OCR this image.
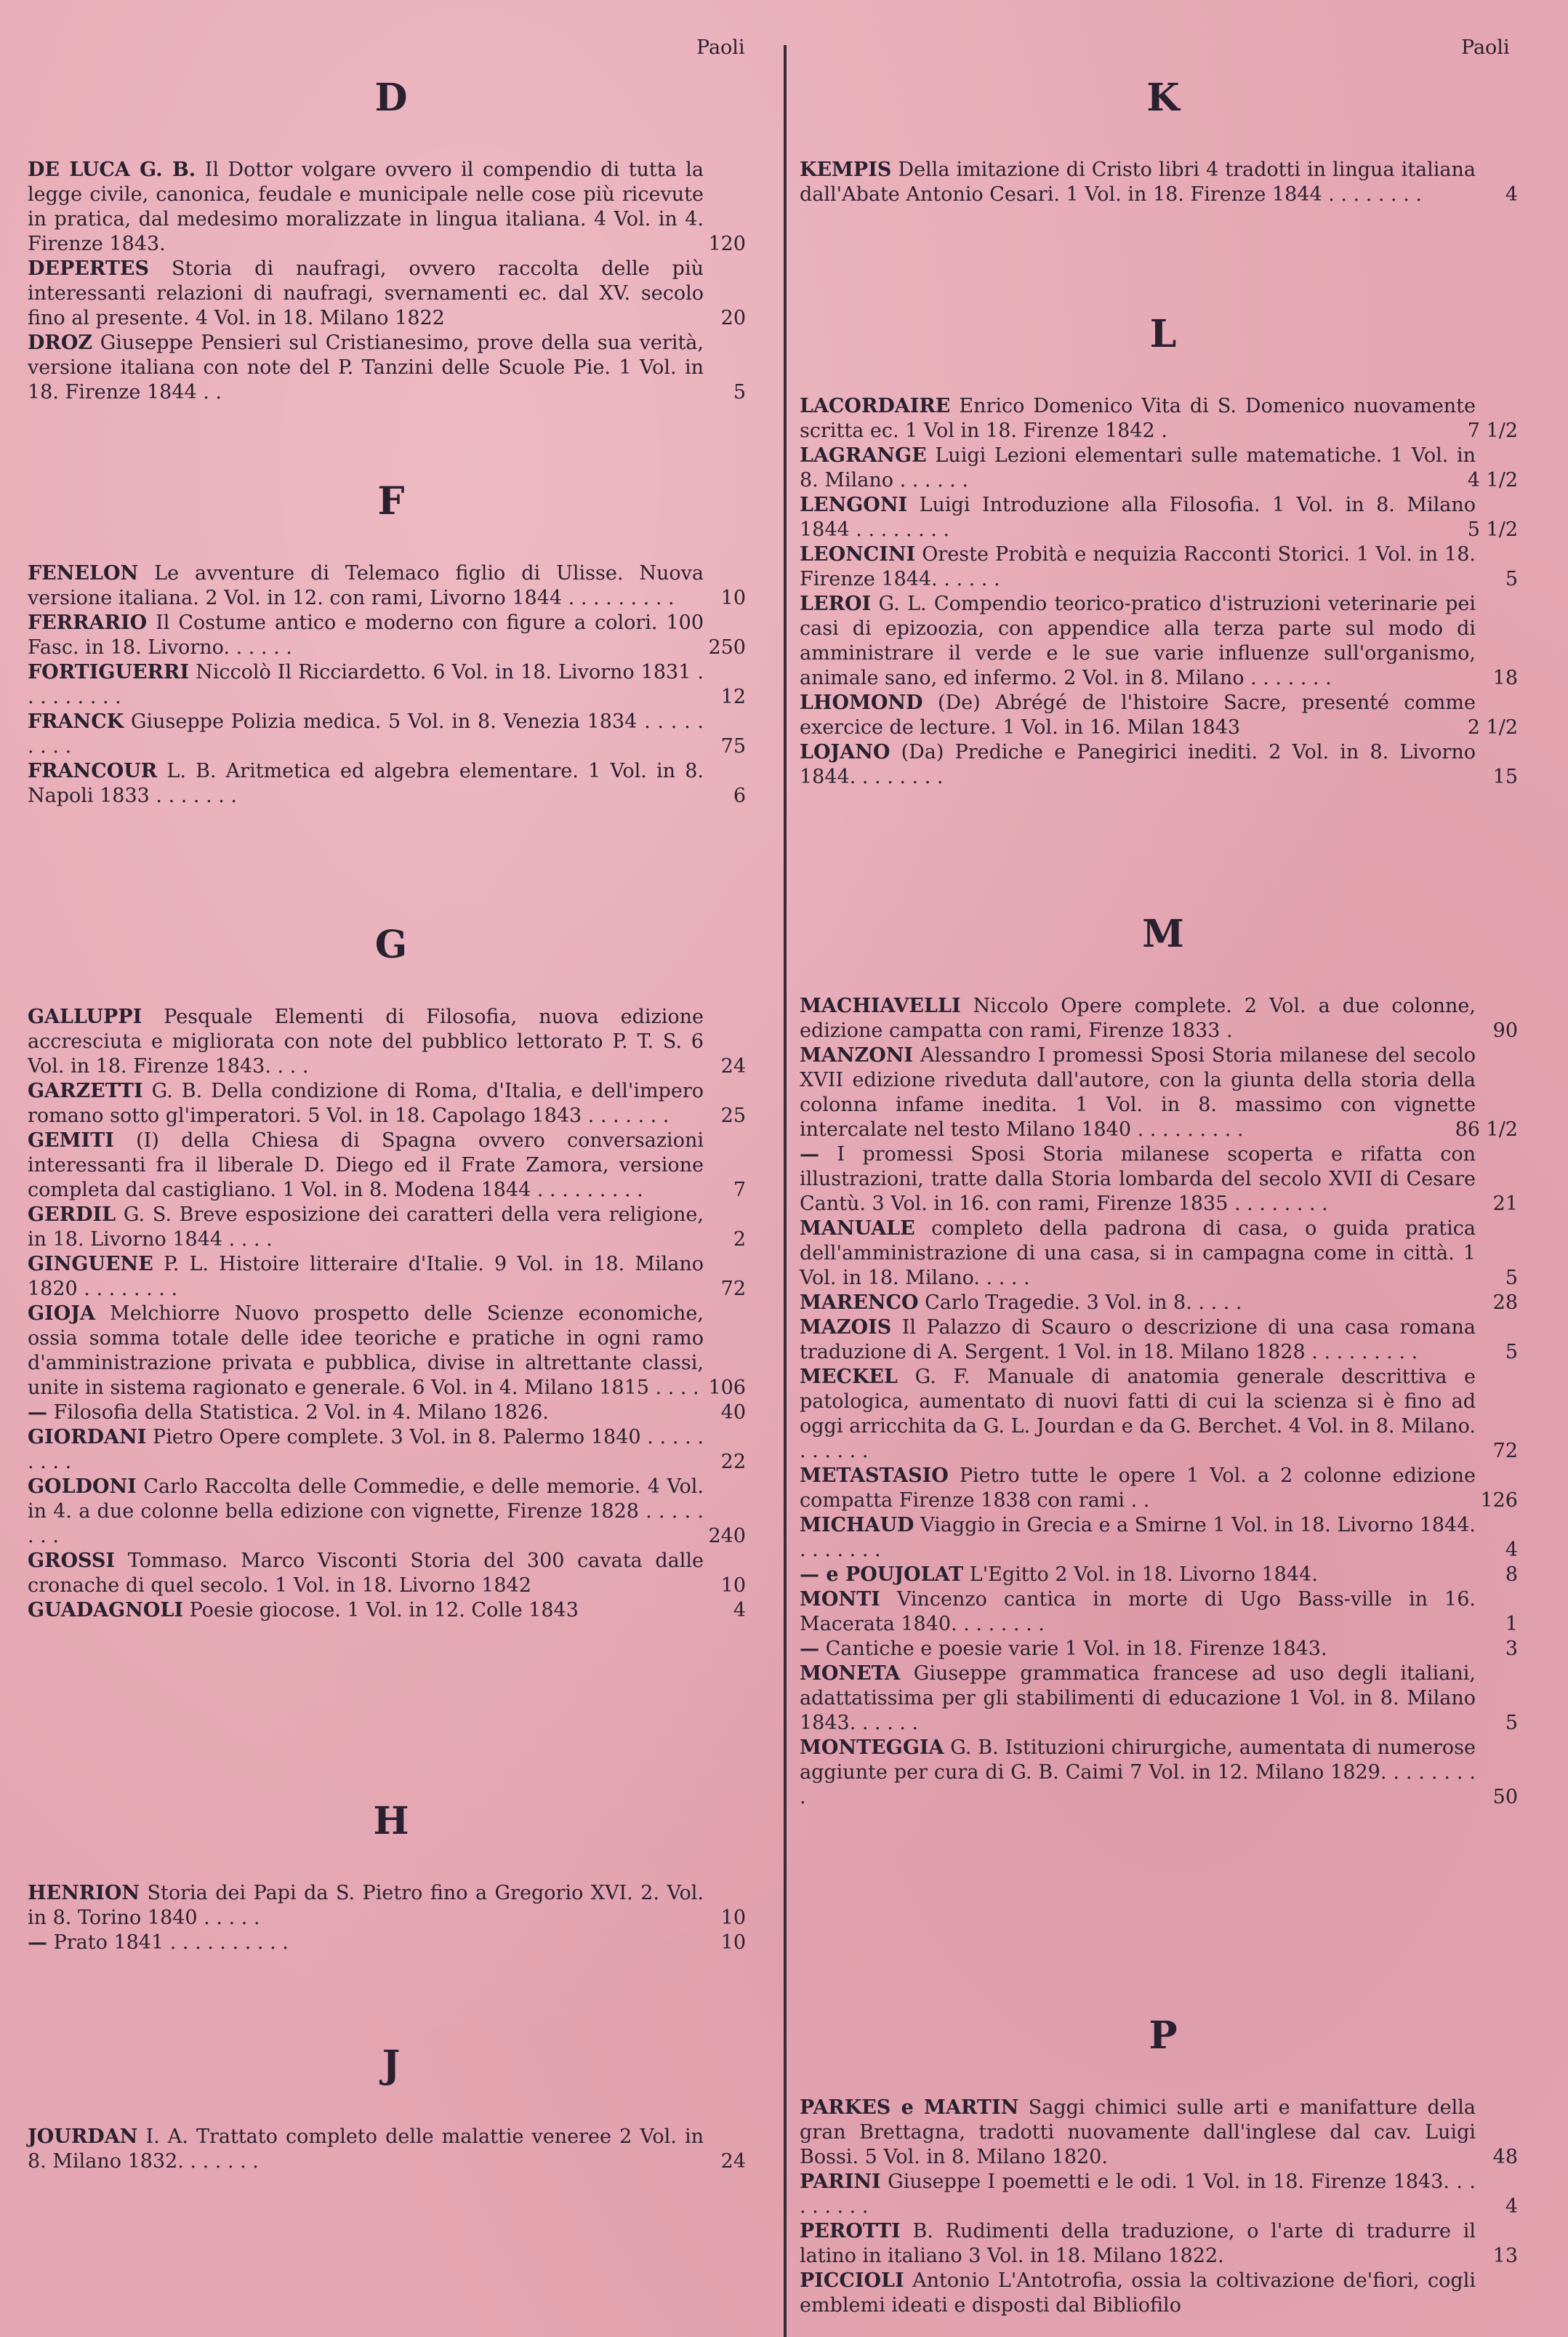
Paoli
D
DE LUCA G. B. Il Dottor volgare ovvero il compendio di tutta la legge civile, canonica, feudale e municipale nelle cose più ricevute in pratica, dal medesimo moralizzate in lingua italiana. 4 Vol. in 4. Firenze 1843.	120
DEPERTES Storia di naufragi, ovvero raccolta delle più interessanti relazioni di naufragi, svernamenti ec. dal XV. secolo fino al presente. 4 Vol. in 18. Milano 1822	20
DROZ Giuseppe Pensieri sul Cristianesimo, prove della sua verità, versione italiana con note del P. Tanzini delle Scuole Pie. 1 Vol. in 18. Firenze 1844 . .	5
F
FENELON Le avventure di Telemaco figlio di Ulisse. Nuova versione italiana. 2 Vol. in 12. con rami, Livorno 1844 . . . . . . . . . 10
FERRARIO Il Costume antico e moderno con figure a colori. 100 Fasc. in 18. Livorno. . . . . .	250
FORTIGUERRI Niccolò Il Ricciardetto. 6 Vol. in 18. Livorno 1831 . . . . . . . . .	12
FRANCK Giuseppe Polizia medica. 5 Vol. in 8. Venezia 1834 . . . . . . . . .	75
FRANCOUR L. B. Aritmetica ed algebra elementare. 1 Vol. in 8. Napoli 1833 . . . . . . .	6
G
GALLUPPI Pesquale Elementi di Filosofia, nuova edizione accresciuta e migliorata con note del pubblico lettorato P. T. S. 6 Vol. in 18. Firenze 1843. . . .	24
GARZETTI G. B. Della condizione di Roma, d'Italia, e dell'impero romano sotto gl'imperatori. 5 Vol. in 18. Capolago 1843 . . . . . . .	25
GEMITI (I) della Chiesa di Spagna ovvero conversazioni interessanti fra il liberale D. Diego ed il Frate Zamora, versione completa dal castigliano. 1 Vol. in 8. Modena 1844 . . . . . . . . .	7
GERDIL G. S. Breve esposizione dei caratteri della vera religione, in 18. Livorno 1844 . . . .	2
GINGUENE P. L. Histoire litteraire d'Italie. 9 Vol. in 18. Milano 1820 . . . . . . . .	72
GIOJA Melchiorre Nuovo prospetto delle Scienze economiche, ossia somma totale delle idee teoriche e pratiche in ogni ramo d'amministrazione privata e pubblica, divise in altrettante classi, unite in sistema ragionato e generale. 6 Vol. in 4. Milano 1815 . . . . 106
— Filosofia della Statistica. 2 Vol. in 4. Milano 1826.	40
GIORDANI Pietro Opere complete. 3 Vol. in 8. Palermo 1840 . . . . . . . . .	22
GOLDONI Carlo Raccolta delle Commedie, e delle memorie. 4 Vol. in 4. a due colonne bella edizione con vignette, Firenze 1828 . . . . . . . .	240
GROSSI Tommaso. Marco Visconti Storia del 300 cavata dalle cronache di quel secolo. 1 Vol. in 18. Livorno 1842	10
GUADAGNOLI Poesie giocose. 1 Vol. in 12. Colle 1843	4
H
HENRION Storia dei Papi da S. Pietro fino a Gregorio XVI. 2. Vol. in 8. Torino 1840 . . . . .	10
— Prato 1841 . . . . . . . . . .	10
J
JOURDAN I. A. Trattato completo delle malattie veneree 2 Vol. in 8. Milano 1832. . . . . . .	24
Paoli
K
KEMPIS Della imitazione di Cristo libri 4 tradotti in lingua italiana dall'Abate Antonio Cesari. 1 Vol. in 18. Firenze 1844 . . . . . . . .	4
L
LACORDAIRE Enrico Domenico Vita di S. Domenico nuovamente scritta ec. 1 Vol in 18. Firenze 1842 .	7 1/2
LAGRANGE Luigi Lezioni elementari sulle matematiche. 1 Vol. in 8. Milano . . . . . .	4 1/2
LENGONI Luigi Introduzione alla Filosofia. 1 Vol. in 8. Milano 1844 . . . . . . . .	5 1/2
LEONCINI Oreste Probità e nequizia Racconti Storici. 1 Vol. in 18. Firenze 1844. . . . . .	5
LEROI G. L. Compendio teorico-pratico d'istruzioni veterinarie pei casi di epizoozia, con appendice alla terza parte sul modo di amministrare il verde e le sue varie influenze sull'organismo, animale sano, ed infermo. 2 Vol. in 8. Milano . . . . . . .	18
LHOMOND (De) Abrégé de l'histoire Sacre, presenté comme exercice de lecture. 1 Vol. in 16. Milan 1843	2 1/2
LOJANO (Da) Prediche e Panegirici inediti. 2 Vol. in 8. Livorno 1844. . . . . . . .	15
M
MACHIAVELLI Niccolo Opere complete. 2 Vol. a due colonne, edizione campatta con rami, Firenze 1833 .	90
MANZONI Alessandro I promessi Sposi Storia milanese del secolo XVII edizione riveduta dall'autore, con la giunta della storia della colonna infame inedita. 1 Vol. in 8. massimo con vignette intercalate nel testo Milano 1840 . . . . . . . . .	86 1/2
— I promessi Sposi Storia milanese scoperta e rifatta con illustrazioni, tratte dalla Storia lombarda del secolo XVII di Cesare Cantù. 3 Vol. in 16. con rami, Firenze 1835 . . . . . . . .	21
MANUALE completo della padrona di casa, o guida pratica dell'amministrazione di una casa, si in campagna come in città. 1 Vol. in 18. Milano. . . . .	5
MARENCO Carlo Tragedie. 3 Vol. in 8. . . . .	28
MAZOIS Il Palazzo di Scauro o descrizione di una casa romana traduzione di A. Sergent. 1 Vol. in 18. Milano 1828 . . . . . . . . .	5
MECKEL G. F. Manuale di anatomia generale descrittiva e patologica, aumentato di nuovi fatti di cui la scienza si è fino ad oggi arricchita da G. L. Jourdan e da G. Berchet. 4 Vol. in 8. Milano. . . . . . .	72
METASTASIO Pietro tutte le opere 1 Vol. a 2 colonne edizione compatta Firenze 1838 con rami . .	126
MICHAUD Viaggio in Grecia e a Smirne 1 Vol. in 18. Livorno 1844. . . . . . . .	4
— e POUJOLAT L'Egitto 2 Vol. in 18. Livorno 1844.	8
MONTI Vincenzo cantica in morte di Ugo Bass-ville in 16. Macerata 1840. . . . . . . .	1
— Cantiche e poesie varie 1 Vol. in 18. Firenze 1843.	3
MONETA Giuseppe grammatica francese ad uso degli italiani, adattatissima per gli stabilimenti di educazione 1 Vol. in 8. Milano 1843. . . . . .	5
MONTEGGIA G. B. Istituzioni chirurgiche, aumentata di numerose aggiunte per cura di G. B. Caimi 7 Vol. in 12. Milano 1829. . . . . . . . .	50
P
PARKES e MARTIN Saggi chimici sulle arti e manifatture della gran Brettagna, tradotti nuovamente dall'inglese dal cav. Luigi Bossi. 5 Vol. in 8. Milano 1820.	48
PARINI Giuseppe I poemetti e le odi. 1 Vol. in 18. Firenze 1843. . . . . . . . .	4
PEROTTI B. Rudimenti della traduzione, o l'arte di tradurre il latino in italiano 3 Vol. in 18. Milano 1822.	13
PICCIOLI Antonio L'Antotrofia, ossia la coltivazione de'fiori, cogli emblemi ideati e disposti dal Bibliofilo
